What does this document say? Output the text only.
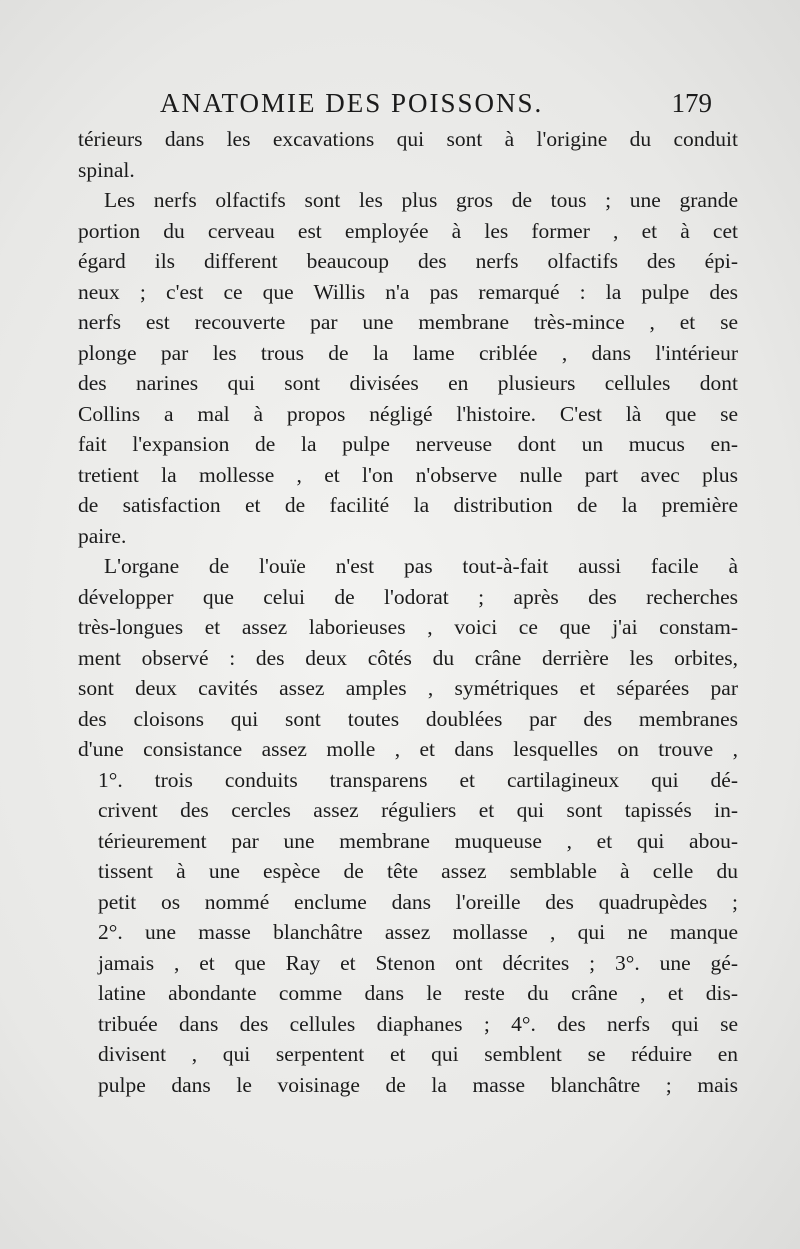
ANATOMIE DES POISSONS.	179
térieurs dans les excavations qui sont à l'origine du conduit
spinal.
Les nerfs olfactifs sont les plus gros de tous ; une grande
portion du cerveau est employée à les former , et à cet
égard ils different beaucoup des nerfs olfactifs des épi-
neux ; c'est ce que Willis n'a pas remarqué : la pulpe des
nerfs est recouverte par une membrane très-mince , et se
plonge par les trous de la lame criblée , dans l'intérieur
des narines qui sont divisées en plusieurs cellules dont
Collins a mal à propos négligé l'histoire. C'est là que se
fait l'expansion de la pulpe nerveuse dont un mucus en-
tretient la mollesse , et l'on n'observe nulle part avec plus
de satisfaction et de facilité la distribution de la première
paire.
L'organe de l'ouïe n'est pas tout-à-fait aussi facile à
développer que celui de l'odorat ; après des recherches
très-longues et assez laborieuses , voici ce que j'ai constam-
ment observé : des deux côtés du crâne derrière les orbites,
sont deux cavités assez amples , symétriques et séparées par
des cloisons qui sont toutes doublées par des membranes
d'une consistance assez molle , et dans lesquelles on trouve ,
1°. trois conduits transparens et cartilagineux qui dé-
crivent des cercles assez réguliers et qui sont tapissés in-
térieurement par une membrane muqueuse , et qui abou-
tissent à une espèce de tête assez semblable à celle du
petit os nommé enclume dans l'oreille des quadrupèdes ;
2°. une masse blanchâtre assez mollasse , qui ne manque
jamais , et que Ray et Stenon ont décrites ; 3°. une gé-
latine abondante comme dans le reste du crâne , et dis-
tribuée dans des cellules diaphanes ; 4°. des nerfs qui se
divisent , qui serpentent et qui semblent se réduire en
pulpe dans le voisinage de la masse blanchâtre ; mais
